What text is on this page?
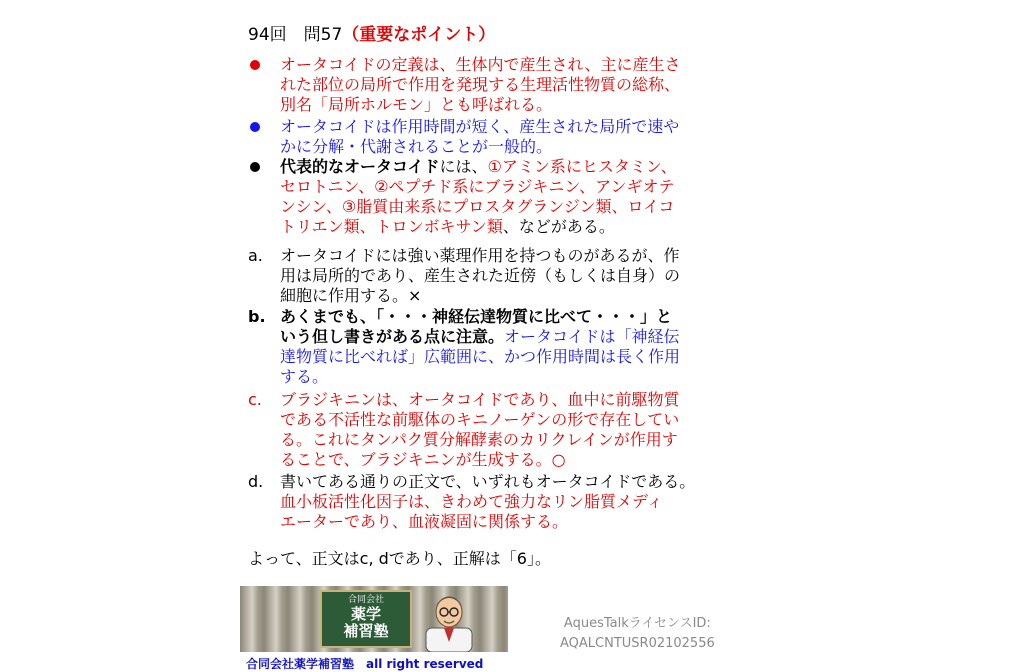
94回　問57（重要なポイント）
オータコイドの定義は、生体内で産生され、主に産生さ
れた部位の局所で作用を発現する生理活性物質の総称、
別名「局所ホルモン」とも呼ばれる。
オータコイドは作用時間が短く、産生された局所で速や
かに分解・代謝されることが一般的。
代表的なオータコイドには、①アミン系にヒスタミン、
セロトニン、②ペプチド系にブラジキニン、アンギオテ
ンシン、③脂質由来系にプロスタグランジン類、ロイコ
トリエン類、トロンボキサン類、などがある。
a. オータコイドには強い薬理作用を持つものがあるが、作
用は局所的であり、産生された近傍（もしくは自身）の
細胞に作用する。×
b. あくまでも、「・・・神経伝達物質に比べて・・・」と
いう但し書きがある点に注意。オータコイドは「神経伝
達物質に比べれば」広範囲に、かつ作用時間は長く作用
する。
c. ブラジキニンは、オータコイドであり、血中に前駆物質
である不活性な前駆体のキニノーゲンの形で存在してい
る。これにタンパク質分解酵素のカリクレインが作用す
ることで、ブラジキニンが生成する。○
d. 書いてある通りの正文で、いずれもオータコイドである。
血小板活性化因子は、きわめて強力なリン脂質メディ
エーターであり、血液凝固に関係する。
よって、正文はc, dであり、正解は「6」。
合同会社
薬学
補習塾
合同会社薬学補習塾　all right reserved
AquesTalkライセンスID:
AQALCNTUSR02102556
